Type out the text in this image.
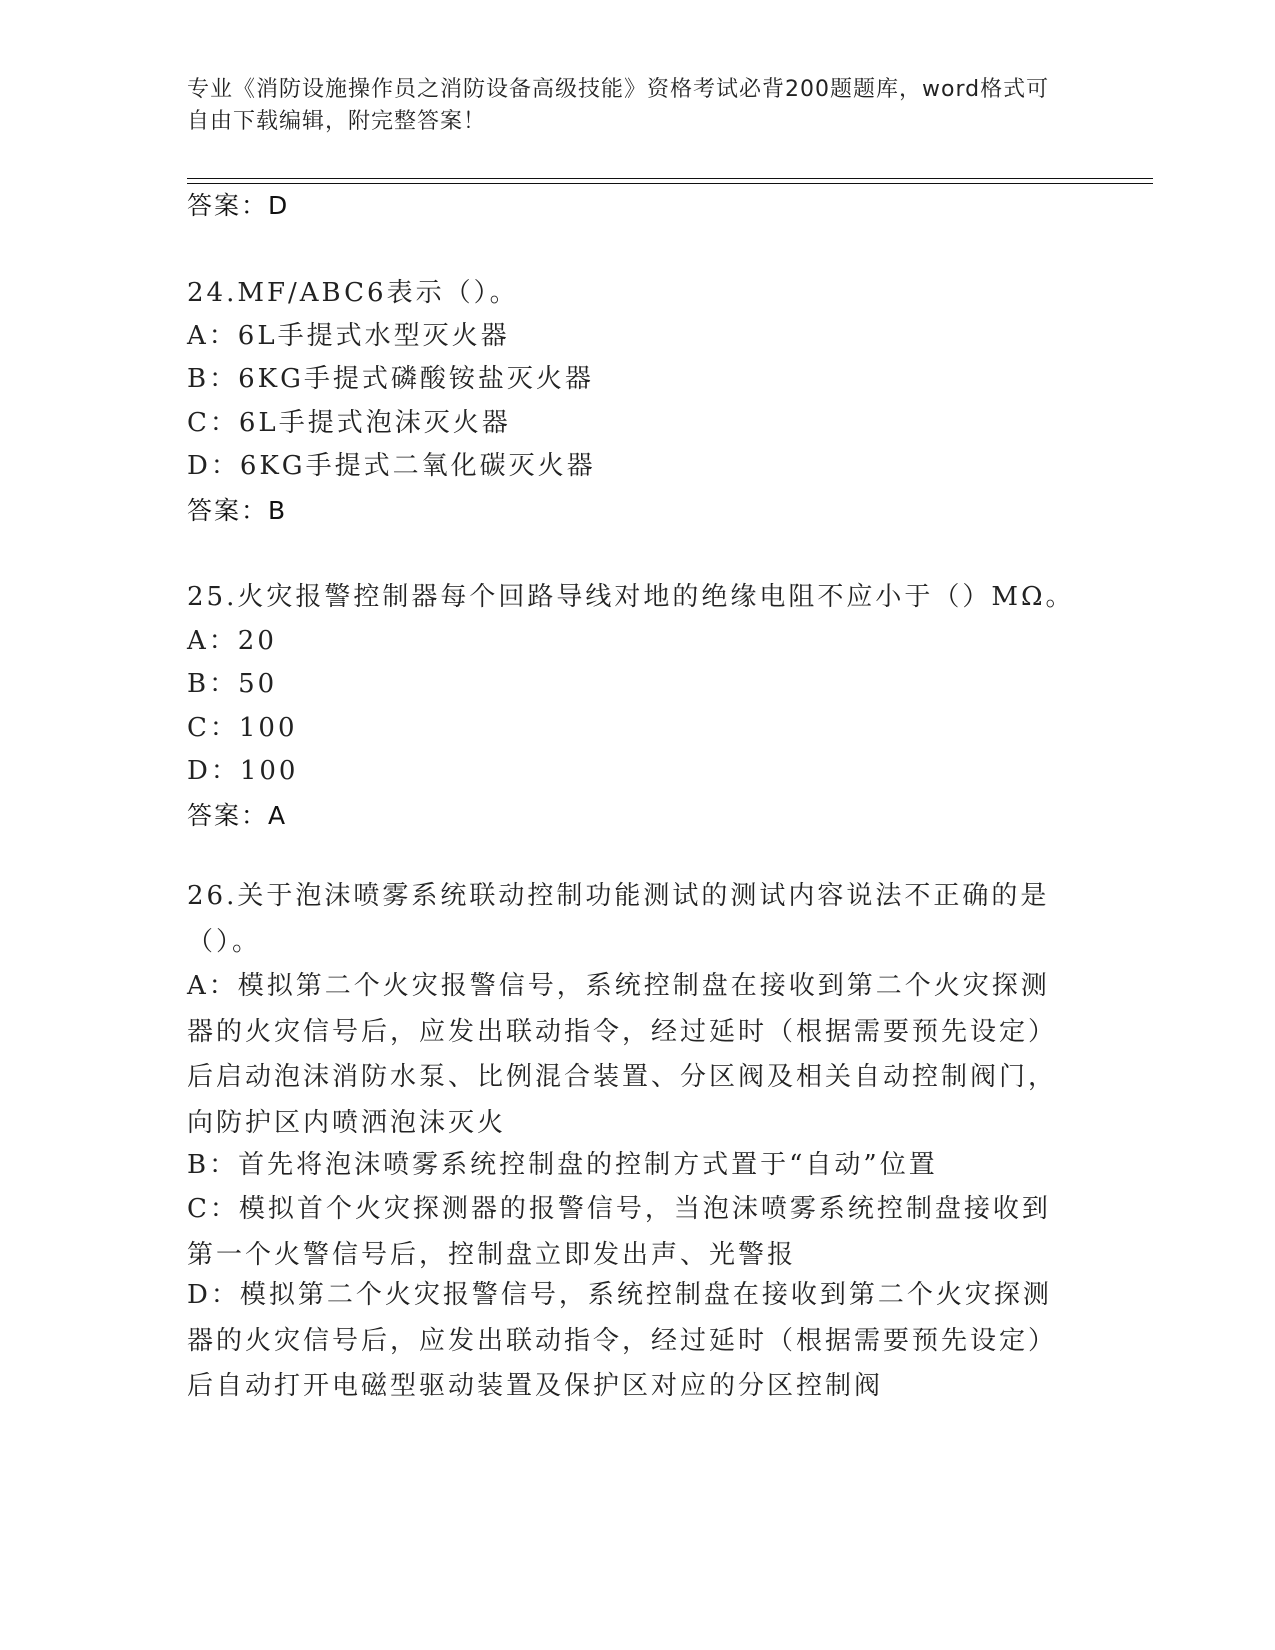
专业《消防设施操作员之消防设备高级技能》资格考试必背200题题库，word格式可自由下载编辑，附完整答案！
答案：D
24.MF/ABC6表示（）。
A：6L手提式水型灭火器
B：6KG手提式磷酸铵盐灭火器
C：6L手提式泡沫灭火器
D：6KG手提式二氧化碳灭火器
答案：B
25.火灾报警控制器每个回路导线对地的绝缘电阻不应小于（）MΩ。
A：20
B：50
C：100
D：100
答案：A
26.关于泡沫喷雾系统联动控制功能测试的测试内容说法不正确的是（）。
A：模拟第二个火灾报警信号，系统控制盘在接收到第二个火灾探测器的火灾信号后，应发出联动指令，经过延时（根据需要预先设定）后启动泡沫消防水泵、比例混合装置、分区阀及相关自动控制阀门，向防护区内喷洒泡沫灭火
B：首先将泡沫喷雾系统控制盘的控制方式置于“自动”位置
C：模拟首个火灾探测器的报警信号，当泡沫喷雾系统控制盘接收到第一个火警信号后，控制盘立即发出声、光警报
D：模拟第二个火灾报警信号，系统控制盘在接收到第二个火灾探测器的火灾信号后，应发出联动指令，经过延时（根据需要预先设定）后自动打开电磁型驱动装置及保护区对应的分区控制阀
